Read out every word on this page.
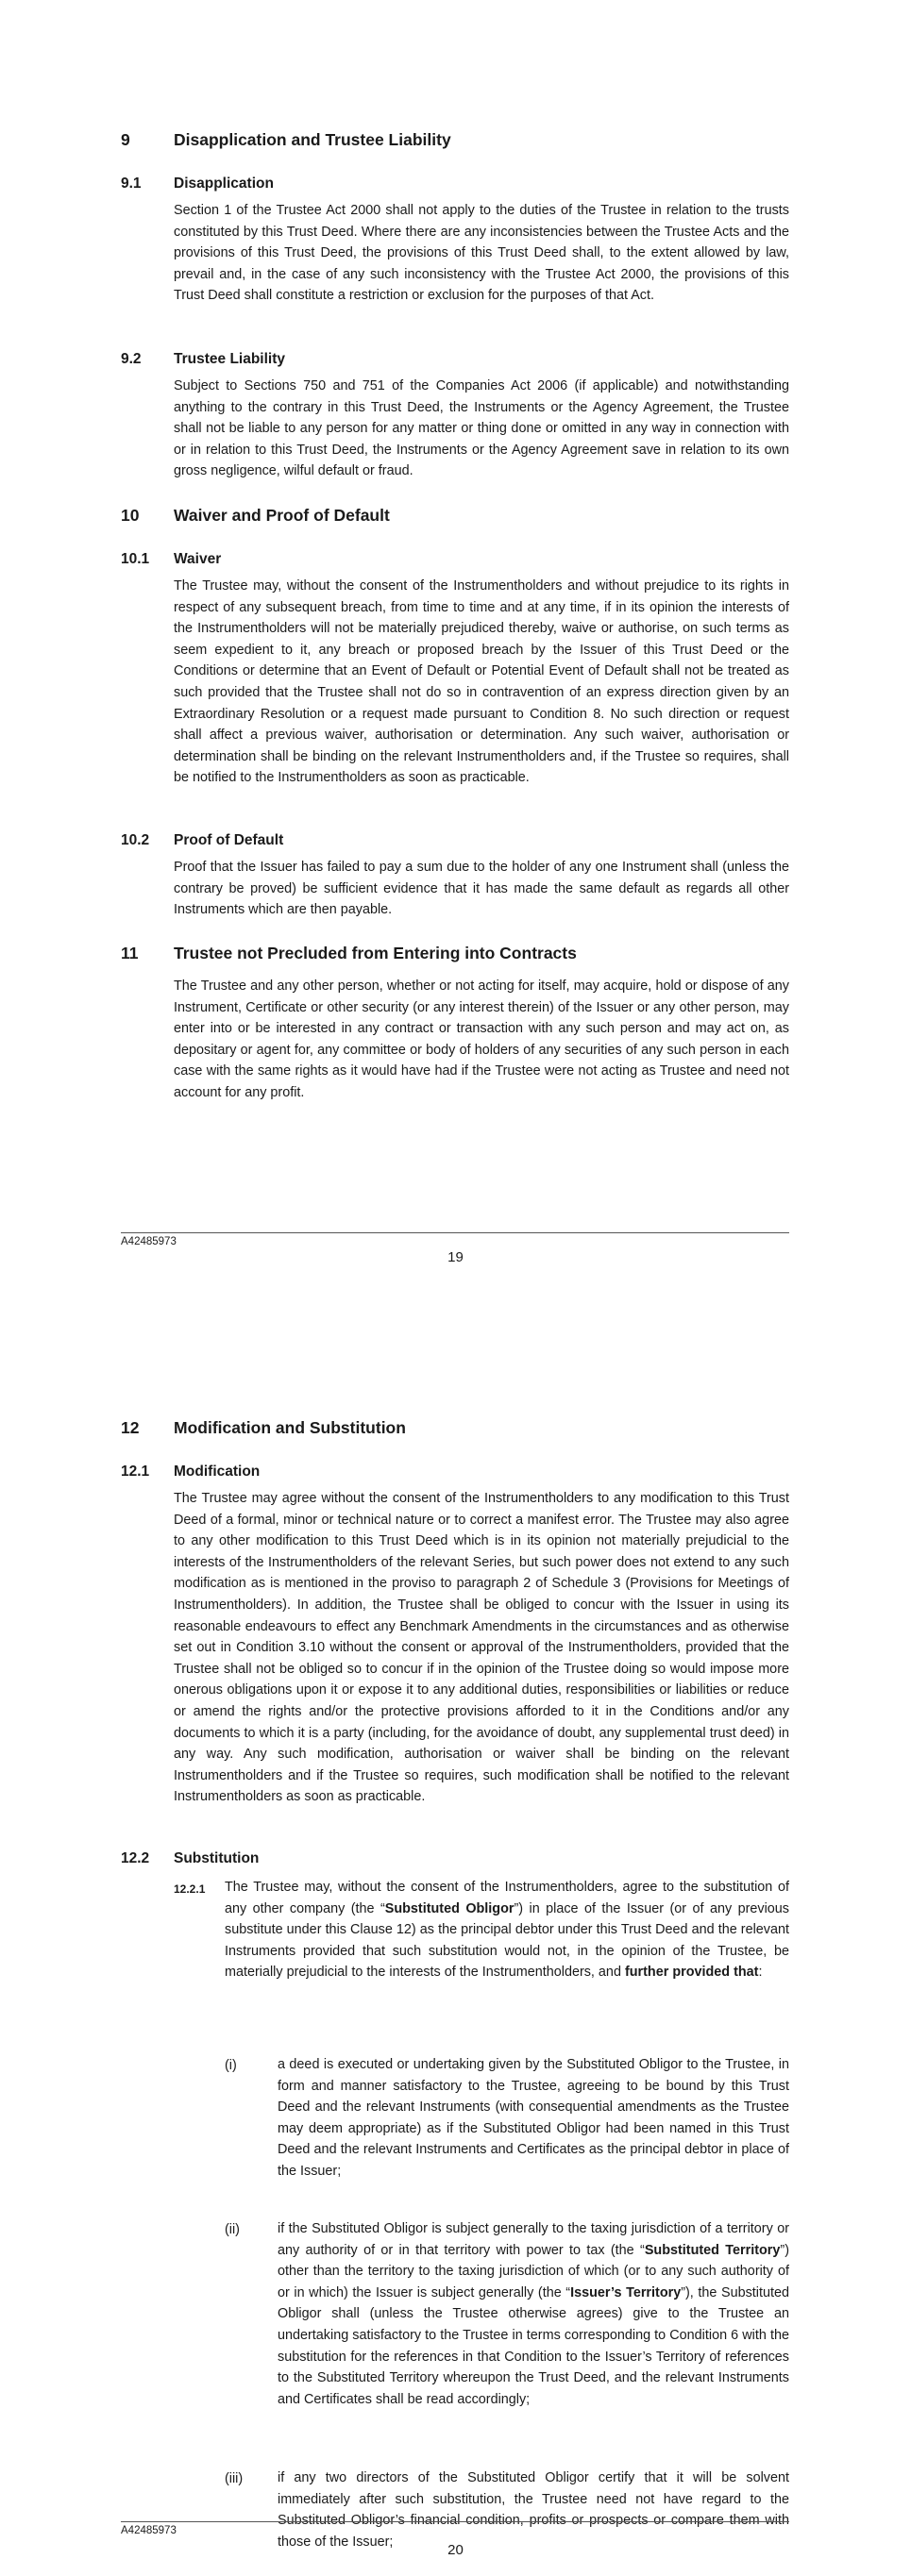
9	Disapplication and Trustee Liability
9.1	Disapplication
Section 1 of the Trustee Act 2000 shall not apply to the duties of the Trustee in relation to the trusts constituted by this Trust Deed. Where there are any inconsistencies between the Trustee Acts and the provisions of this Trust Deed, the provisions of this Trust Deed shall, to the extent allowed by law, prevail and, in the case of any such inconsistency with the Trustee Act 2000, the provisions of this Trust Deed shall constitute a restriction or exclusion for the purposes of that Act.
9.2	Trustee Liability
Subject to Sections 750 and 751 of the Companies Act 2006 (if applicable) and notwithstanding anything to the contrary in this Trust Deed, the Instruments or the Agency Agreement, the Trustee shall not be liable to any person for any matter or thing done or omitted in any way in connection with or in relation to this Trust Deed, the Instruments or the Agency Agreement save in relation to its own gross negligence, wilful default or fraud.
10	Waiver and Proof of Default
10.1	Waiver
The Trustee may, without the consent of the Instrumentholders and without prejudice to its rights in respect of any subsequent breach, from time to time and at any time, if in its opinion the interests of the Instrumentholders will not be materially prejudiced thereby, waive or authorise, on such terms as seem expedient to it, any breach or proposed breach by the Issuer of this Trust Deed or the Conditions or determine that an Event of Default or Potential Event of Default shall not be treated as such provided that the Trustee shall not do so in contravention of an express direction given by an Extraordinary Resolution or a request made pursuant to Condition 8. No such direction or request shall affect a previous waiver, authorisation or determination. Any such waiver, authorisation or determination shall be binding on the relevant Instrumentholders and, if the Trustee so requires, shall be notified to the Instrumentholders as soon as practicable.
10.2	Proof of Default
Proof that the Issuer has failed to pay a sum due to the holder of any one Instrument shall (unless the contrary be proved) be sufficient evidence that it has made the same default as regards all other Instruments which are then payable.
11	Trustee not Precluded from Entering into Contracts
The Trustee and any other person, whether or not acting for itself, may acquire, hold or dispose of any Instrument, Certificate or other security (or any interest therein) of the Issuer or any other person, may enter into or be interested in any contract or transaction with any such person and may act on, as depositary or agent for, any committee or body of holders of any securities of any such person in each case with the same rights as it would have had if the Trustee were not acting as Trustee and need not account for any profit.
A42485973
19
12	Modification and Substitution
12.1	Modification
The Trustee may agree without the consent of the Instrumentholders to any modification to this Trust Deed of a formal, minor or technical nature or to correct a manifest error. The Trustee may also agree to any other modification to this Trust Deed which is in its opinion not materially prejudicial to the interests of the Instrumentholders of the relevant Series, but such power does not extend to any such modification as is mentioned in the proviso to paragraph 2 of Schedule 3 (Provisions for Meetings of Instrumentholders). In addition, the Trustee shall be obliged to concur with the Issuer in using its reasonable endeavours to effect any Benchmark Amendments in the circumstances and as otherwise set out in Condition 3.10 without the consent or approval of the Instrumentholders, provided that the Trustee shall not be obliged so to concur if in the opinion of the Trustee doing so would impose more onerous obligations upon it or expose it to any additional duties, responsibilities or liabilities or reduce or amend the rights and/or the protective provisions afforded to it in the Conditions and/or any documents to which it is a party (including, for the avoidance of doubt, any supplemental trust deed) in any way. Any such modification, authorisation or waiver shall be binding on the relevant Instrumentholders and if the Trustee so requires, such modification shall be notified to the relevant Instrumentholders as soon as practicable.
12.2	Substitution
12.2.1 The Trustee may, without the consent of the Instrumentholders, agree to the substitution of any other company (the “Substituted Obligor”) in place of the Issuer (or of any previous substitute under this Clause 12) as the principal debtor under this Trust Deed and the relevant Instruments provided that such substitution would not, in the opinion of the Trustee, be materially prejudicial to the interests of the Instrumentholders, and further provided that:
(i)	a deed is executed or undertaking given by the Substituted Obligor to the Trustee, in form and manner satisfactory to the Trustee, agreeing to be bound by this Trust Deed and the relevant Instruments (with consequential amendments as the Trustee may deem appropriate) as if the Substituted Obligor had been named in this Trust Deed and the relevant Instruments and Certificates as the principal debtor in place of the Issuer;
(ii)	if the Substituted Obligor is subject generally to the taxing jurisdiction of a territory or any authority of or in that territory with power to tax (the “Substituted Territory”) other than the territory to the taxing jurisdiction of which (or to any such authority of or in which) the Issuer is subject generally (the “Issuer’s Territory”), the Substituted Obligor shall (unless the Trustee otherwise agrees) give to the Trustee an undertaking satisfactory to the Trustee in terms corresponding to Condition 6 with the substitution for the references in that Condition to the Issuer’s Territory of references to the Substituted Territory whereupon the Trust Deed, and the relevant Instruments and Certificates shall be read accordingly;
(iii)	if any two directors of the Substituted Obligor certify that it will be solvent immediately after such substitution, the Trustee need not have regard to the Substituted Obligor’s financial condition, profits or prospects or compare them with those of the Issuer;
A42485973
20
